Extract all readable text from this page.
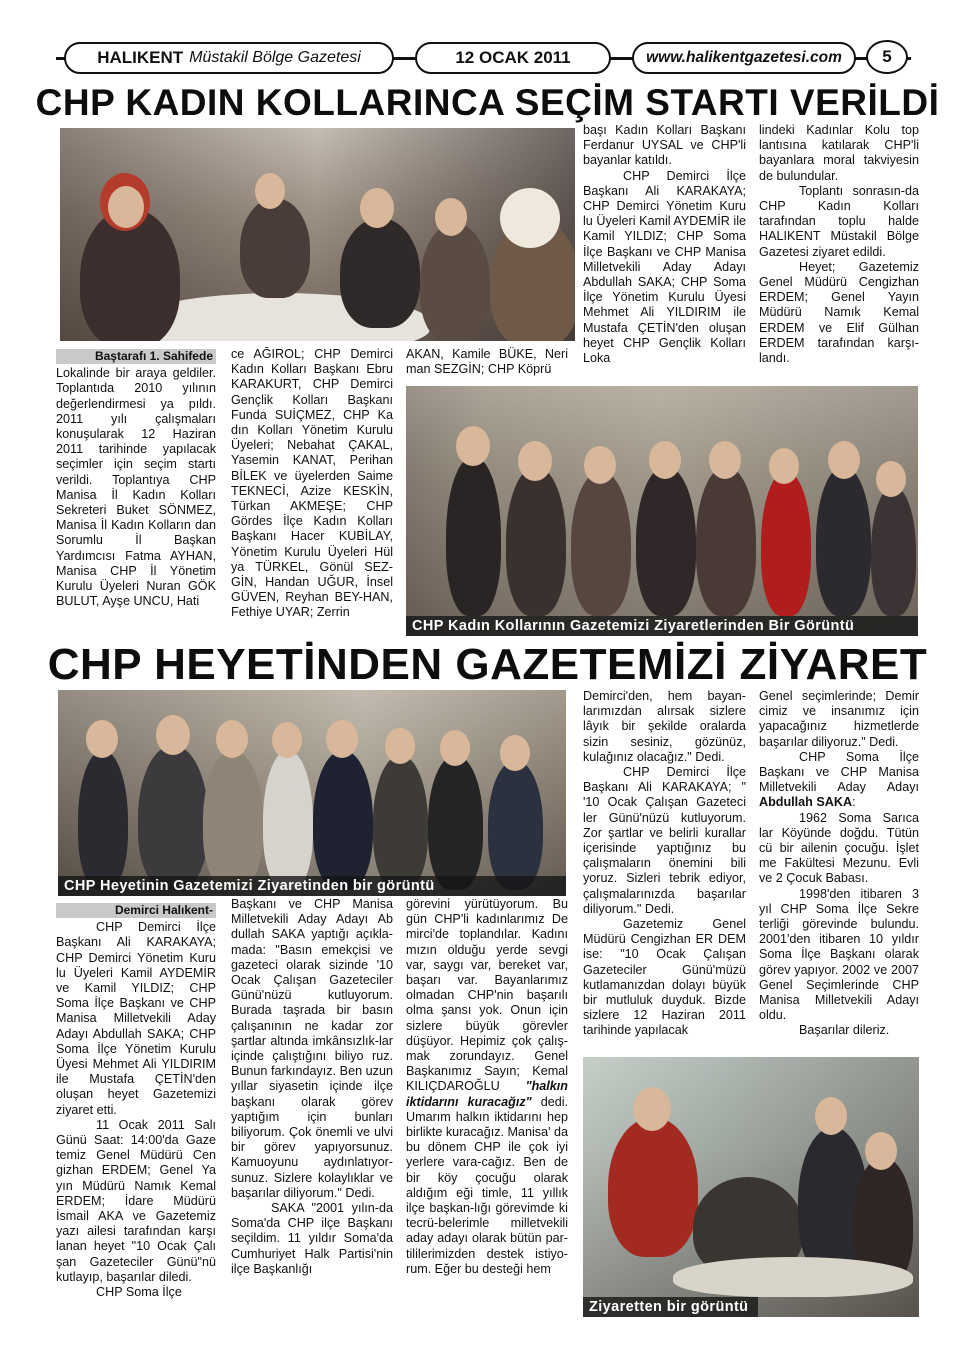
HALIKENT Müstakil Bölge Gazetesi	12 OCAK 2011	www.halikentgazetesi.com 5
CHP KADIN KOLLARINCA SEÇİM STARTI VERİLDİ
Baştarafı 1. Sahifede

Lokalinde bir araya geldiler. Toplantıda 2010 yılının değerlendirmesi ya pıldı. 2011 yılı çalışmaları konuşularak 12 Haziran 2011 tarihinde yapılacak seçimler için seçim startı verildi. Toplantıya CHP Manisa İl Kadın Kolları Sekreteri Buket SÖNMEZ, Manisa İl Kadın Kolların dan Sorumlu İl Başkan Yardımcısı Fatma AYHAN, Manisa CHP İl Yönetim Kurulu Üyeleri Nuran GÖK BULUT, Ayşe UNCU, Hati

ce AĞIROL; CHP Demirci Kadın Kolları Başkanı Ebru KARAKURT, CHP Demirci Gençlik Kolları Başkanı Funda SUİÇMEZ, CHP Ka dın Kolları Yönetim Kurulu Üyeleri; Nebahat ÇAKAL, Yasemin KANAT, Perihan BİLEK ve üyelerden Saime TEKNECİ, Azize KESKİN, Türkan AKMEŞE; CHP Gördes İlçe Kadın Kolları Başkanı Hacer KUBİLAY, Yönetim Kurulu Üyeleri Hül ya TÜRKEL, Gönül SEZ-GİN, Handan UĞUR, İnsel GÜVEN, Reyhan BEY-HAN, Fethiye UYAR; Zerrin

AKAN, Kamile BÜKE, Neri man SEZGİN; CHP Köprü

başı Kadın Kolları Başkanı Ferdanur UYSAL ve CHP'li bayanlar katıldı.

CHP Demirci İlçe Başkanı Ali KARAKAYA; CHP Demirci Yönetim Kuru lu Üyeleri Kamil AYDEMİR ile Kamil YILDIZ; CHP Soma İlçe Başkanı ve CHP Manisa Milletvekili Aday Adayı Abdullah SAKA; CHP Soma İlçe Yönetim Kurulu Üyesi Mehmet Ali YILDIRIM ile Mustafa ÇETİN'den oluşan heyet CHP Gençlik Kolları Loka

lindeki Kadınlar Kolu top lantısına katılarak CHP'li bayanlara moral takviyesin de bulundular.

Toplantı sonrasın-da CHP Kadın Kolları tarafından toplu halde HALIKENT Müstakil Bölge Gazetesi ziyaret edildi.

Heyet; Gazetemiz Genel Müdürü Cengizhan ERDEM; Genel Yayın Müdürü Namık Kemal ERDEM ve Elif Gülhan ERDEM tarafından karşı-landı.

CHP Kadın Kollarının Gazetemizi Ziyaretlerinden Bir Görüntü
CHP HEYETİNDEN GAZETEMİZİ ZİYARET
CHP Heyetinin Gazetemizi Ziyaretinden bir görüntü
Demirci Halıkent-

CHP Demirci İlçe Başkanı Ali KARAKAYA; CHP Demirci Yönetim Kuru lu Üyeleri Kamil AYDEMİR ve Kamil YILDIZ; CHP Soma İlçe Başkanı ve CHP Manisa Milletvekili Aday Adayı Abdullah SAKA; CHP Soma İlçe Yönetim Kurulu Üyesi Mehmet Ali YILDIRIM ile Mustafa ÇETİN'den oluşan heyet Gazetemizi ziyaret etti.

11 Ocak 2011 Salı Günü Saat: 14:00'da Gaze temiz Genel Müdürü Cen gizhan ERDEM; Genel Ya yın Müdürü Namık Kemal ERDEM; İdare Müdürü İsmail AKA ve Gazetemiz yazı ailesi tarafından karşı lanan heyet "10 Ocak Çalı şan Gazeteciler Günü"nü kutlayıp, başarılar diledi.

CHP Soma İlçe

Başkanı ve CHP Manisa Milletvekili Aday Adayı Ab dullah SAKA yaptığı açıkla-mada: "Basın emekçisi ve gazeteci olarak sizinde '10 Ocak Çalışan Gazeteciler Günü'nüzü kutluyorum. Burada taşrada bir basın çalışanının ne kadar zor şartlar altında imkânsızlık-lar içinde çalıştığını biliyo ruz. Bunun farkındayız. Ben uzun yıllar siyasetin içinde ilçe başkanı olarak görev yaptığım için bunları biliyorum. Çok önemli ve ulvi bir görev yapıyorsunuz. Kamuoyunu aydınlatıyor-sunuz. Sizlere kolaylıklar ve başarılar diliyorum." Dedi.

SAKA "2001 yılın-da Soma'da CHP ilçe Başkanı seçildim. 11 yıldır Soma'da Cumhuriyet Halk Partisi'nin ilçe Başkanlığı

görevini yürütüyorum. Bu gün CHP'li kadınlarımız De mirci'de toplandılar. Kadını mızın olduğu yerde sevgi var, saygı var, bereket var, başarı var. Bayanlarımız olmadan CHP'nin başarılı olma şansı yok. Onun için sizlere büyük görevler düşüyor. Hepimiz çok çalış-mak zorundayız. Genel Başkanımız Sayın; Kemal KILIÇDAROĞLU "halkın iktidarını kuracağız" dedi. Umarım halkın iktidarını hep birlikte kuracağız. Manisa' da bu dönem CHP ile çok iyi yerlere vara-cağız. Ben de bir köy çocuğu olarak aldığım eği timle, 11 yıllık ilçe başkan-lığı görevimde ki tecrü-belerimle milletvekili aday adayı olarak bütün par-tililerimizden destek istiyo-rum. Eğer bu desteği hem

Demirci'den, hem bayan-larımızdan alırsak sizlere lâyık bir şekilde oralarda sizin sesiniz, gözünüz, kulağınız olacağız." Dedi.

CHP Demirci İlçe Başkanı Ali KARAKAYA; " '10 Ocak Çalışan Gazeteci ler Günü'nüzü kutluyorum. Zor şartlar ve belirli kurallar içerisinde yaptığınız bu çalışmaların önemini bili yoruz. Sizleri tebrik ediyor, çalışmalarınızda başarılar diliyorum." Dedi.

Gazetemiz Genel Müdürü Cengizhan ER DEM ise: "10 Ocak Çalışan Gazeteciler Günü'müzü kutlamanızdan dolayı büyük bir mutluluk duyduk. Bizde sizlere 12 Haziran 2011 tarihinde yapılacak

Genel seçimlerinde; Demir cimiz ve insanımız için yapacağınız hizmetlerde başarılar diliyoruz." Dedi.

CHP Soma İlçe Başkanı ve CHP Manisa Milletvekili Aday Adayı Abdullah SAKA:

1962 Soma Sarıca lar Köyünde doğdu. Tütün cü bir ailenin çocuğu. İşlet me Fakültesi Mezunu. Evli ve 2 Çocuk Babası.

1998'den itibaren 3 yıl CHP Soma İlçe Sekre terliği görevinde bulundu. 2001'den itibaren 10 yıldır Soma İlçe Başkanı olarak görev yapıyor. 2002 ve 2007 Genel Seçimlerinde CHP Manisa Milletvekili Adayı oldu.

Başarılar dileriz.

Ziyaretten bir görüntü
